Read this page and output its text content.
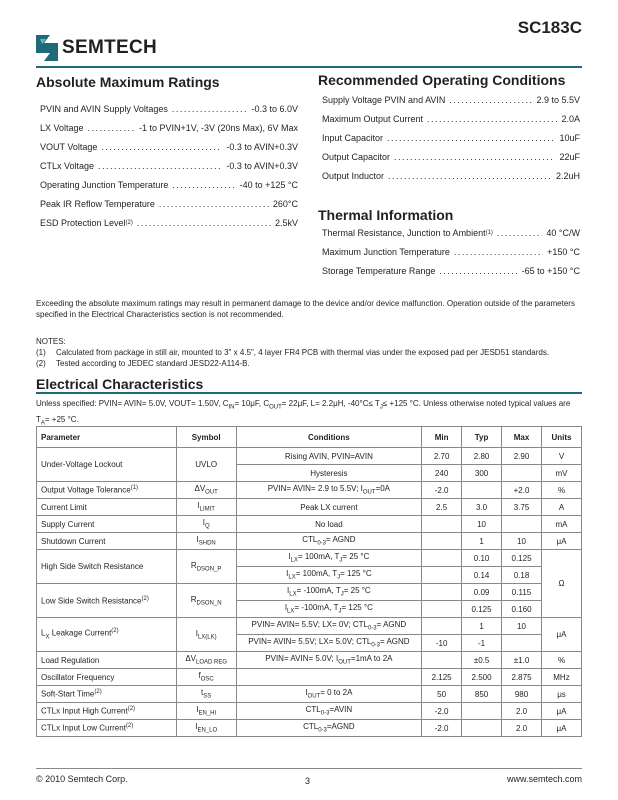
SC183C
SEMTECH
Absolute Maximum Ratings
PVIN and AVIN Supply Voltages . . .	-0.3 to 6.0V
LX Voltage . . .	-1 to PVIN+1V, -3V (20ns Max), 6V Max
VOUT Voltage . . .	-0.3 to AVIN+0.3V
CTLx Voltage . . .	-0.3 to AVIN+0.3V
Operating Junction Temperature . . .	-40 to +125 °C
Peak IR Reflow Temperature . . .	260°C
ESD Protection Level (2) . . .	2.5kV
Recommended Operating Conditions
Supply Voltage PVIN and AVIN . . .	2.9 to 5.5V
Maximum Output Current . . .	2.0A
Input Capacitor . . .	10uF
Output Capacitor . . .	22uF
Output Inductor . . .	2.2uH
Thermal Information
Thermal Resistance, Junction to Ambient (1) . . .	40 °C/W
Maximum Junction Temperature . . .	+150 °C
Storage Temperature Range . . .	-65 to +150 °C
Exceeding the absolute maximum ratings may result in permanent damage to the device and/or device malfunction. Operation outside of the parameters specified in the Electrical Characteristics section is not recommended.
NOTES:
(1)	Calculated from package in still air, mounted to 3" x 4.5", 4 layer FR4 PCB with thermal vias under the exposed pad per JESD51 standards.
(2)	Tested according to JEDEC standard JESD22-A114-B.
Electrical Characteristics
Unless specified: PVIN= AVIN= 5.0V, VOUT= 1.50V, $C_{IN}= 10\mu F$, $C_{OUT}= 22\mu F$, L= 2.2μH, $-40^\circ C\le T_J\le +125$ °C. Unless otherwise noted typical values are
$T_A= +25$ °C.
Parameter	Symbol	Conditions	Min	Typ	Max	Units
Under-Voltage Lockout	UVLO	Rising AVIN, PVIN=AVIN	2.70	2.80	2.90	V
		Hysteresis	240	300		mV
Output Voltage Tolerance$^{(1)}$	$\Delta V_{OUT}$	PVIN= AVIN= 2.9 to 5.5V; $I_{OUT}=0A$	-2.0		+2.0	%
Current Limit	$I_{LIMIT}$	Peak LX current	2.5	3.0	3.75	A
Supply Current	$I_Q$	No load		10		mA
Shutdown Current	$I_{SHDN}$	$CTL_{0-3}=$ AGND		1	10	μA
High Side Switch Resistance	$R_{DSON\_P}$	$I_{LX}= 100mA$, $T_J= 25$ °C		0.10	0.125	Ω
		$I_{LX}= 100mA$, $T_J= 125$ °C		0.14	0.18	
Low Side Switch Resistance$^{(2)}$	$R_{DSON\_N}$	$I_{LX}= -100mA$, $T_J= 25$ °C		0.09	0.115	
		$I_{LX}= -100mA$, $T_J= 125$ °C		0.125	0.160	
$L_X$ Leakage Current$^{(2)}$	$I_{LX(LK)}$	PVIN= AVIN= 5.5V; LX= 0V; $CTL_{0-3}=$ AGND		1	10	μA
		PVIN= AVIN= 5.5V; LX= 5.0V; $CTL_{0-3}=$ AGND	-10	-1		
Load Regulation	$\Delta V_{LOAD REG}$	PVIN= AVIN= 5.0V; $I_{OUT}=1mA$ to 2A		±0.5	±1.0	%
Oscillator Frequency	$f_{OSC}$		2.125	2.500	2.875	MHz
Soft-Start Time$^{(2)}$	$t_{SS}$	$I_{OUT}= 0$ to 2A	50	850	980	μs
CTLx Input High Current$^{(2)}$	$I_{EN\_HI}$	$CTL_{0-3}=AVIN$	-2.0		2.0	μA
CTLx Input Low Current$^{(2)}$	$I_{EN\_LO}$	$CTL_{0-3}=AGND$	-2.0		2.0	μA
© 2010 Semtech Corp.	3	www.semtech.com
